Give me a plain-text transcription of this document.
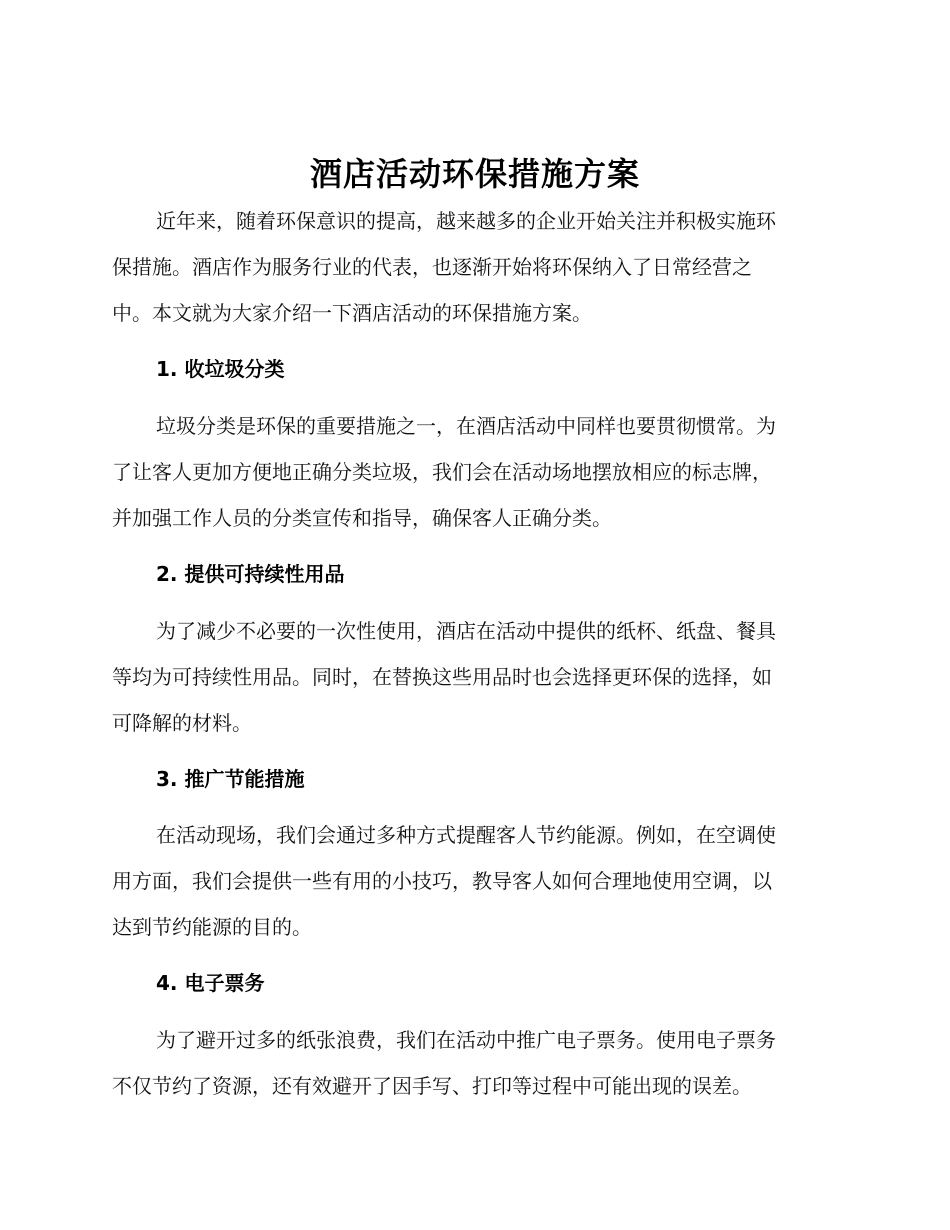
酒店活动环保措施方案

近年来，随着环保意识的提高，越来越多的企业开始关注并积极实施环
保措施。酒店作为服务行业的代表，也逐渐开始将环保纳入了日常经营之
中。本文就为大家介绍一下酒店活动的环保措施方案。

1. 收垃圾分类

垃圾分类是环保的重要措施之一，在酒店活动中同样也要贯彻惯常。为
了让客人更加方便地正确分类垃圾，我们会在活动场地摆放相应的标志牌，
并加强工作人员的分类宣传和指导，确保客人正确分类。

2. 提供可持续性用品

为了减少不必要的一次性使用，酒店在活动中提供的纸杯、纸盘、餐具
等均为可持续性用品。同时，在替换这些用品时也会选择更环保的选择，如
可降解的材料。

3. 推广节能措施

在活动现场，我们会通过多种方式提醒客人节约能源。例如，在空调使
用方面，我们会提供一些有用的小技巧，教导客人如何合理地使用空调，以
达到节约能源的目的。

4. 电子票务

为了避开过多的纸张浪费，我们在活动中推广电子票务。使用电子票务
不仅节约了资源，还有效避开了因手写、打印等过程中可能出现的误差。
